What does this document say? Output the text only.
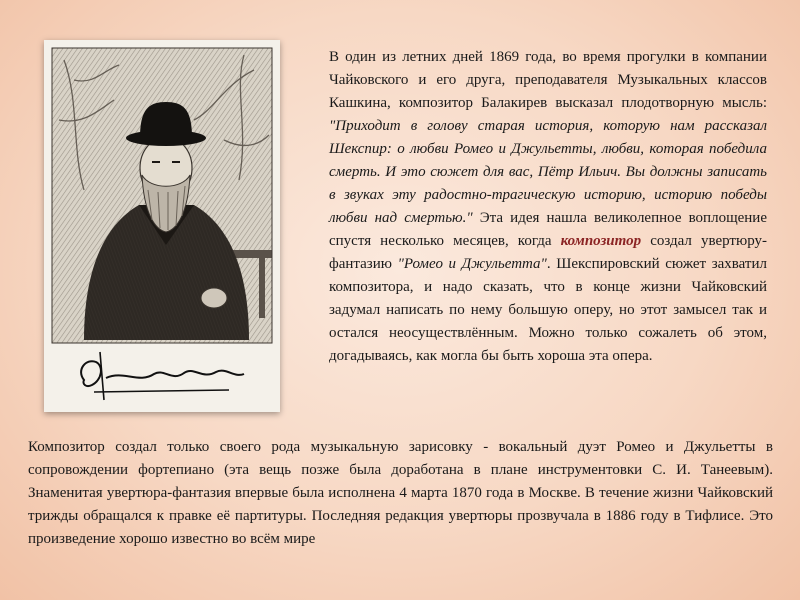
В один из летних дней 1869 года, во время прогулки в компании Чайковского и его друга, преподавателя Музыкальных классов Кашкина, композитор Балакирев высказал плодотворную мысль: "Приходит в голову старая история, которую нам рассказал Шекспир: о любви Ромео и Джульетты, любви, которая победила смерть. И это сюжет для вас, Пётр Ильич. Вы должны записать в звуках эту радостно-трагическую историю, историю победы любви над смертью." Эта идея нашла великолепное воплощение спустя несколько месяцев, когда композитор создал увертюру-фантазию "Ромео и Джульетта". Шекспировский сюжет захватил композитора, и надо сказать, что в конце жизни Чайковский задумал написать по нему большую оперу, но этот замысел так и остался неосуществлённым. Можно только сожалеть об этом, догадываясь, как могла бы быть хороша эта опера.

Композитор создал только своего рода музыкальную зарисовку - вокальный дуэт Ромео и Джульетты в сопровождении фортепиано (эта вещь позже была доработана в плане инструментовки С. И. Танеевым). Знаменитая увертюра-фантазия впервые была исполнена 4 марта 1870 года в Москве. В течение жизни Чайковский трижды обращался к правке её партитуры. Последняя редакция увертюры прозвучала в 1886 году в Тифлисе. Это произведение хорошо известно во всём мире
